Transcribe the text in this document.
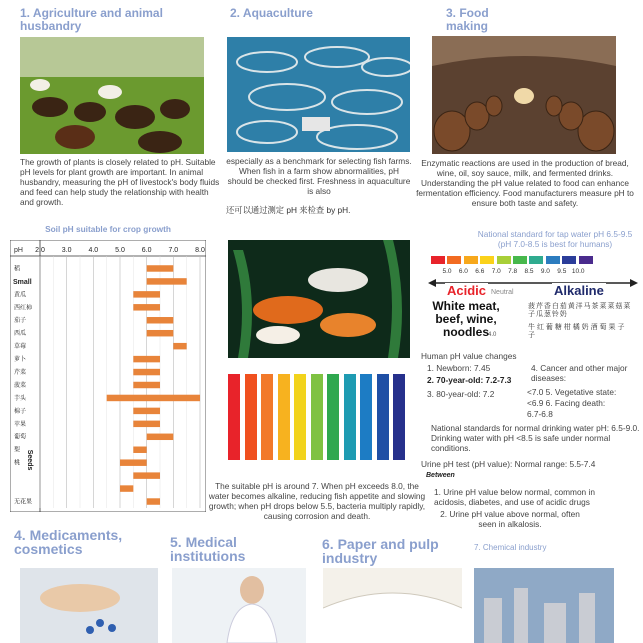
1. Agriculture and animal husbandry
The growth of plants is closely related to pH. Suitable pH levels for plant growth are important. In animal husbandry, measuring the pH of livestock's body fluids and feed can help study the relationship with health and growth.
2. Aquaculture
especially as a benchmark for selecting fish farms. When fish in a farm show abnormalities, pH should be checked first. Freshness in aquaculture is also
还可以通过测定 pH 来检查 by pH.
3. Food making
Enzymatic reactions are used in the production of bread, wine, oil, soy sauce, milk, and fermented drinks. Understanding the pH value related to food can enhance fermentation efficiency. Food manufacturers measure pH to ensure both taste and safety.
Soil pH suitable for crop growth
pH 2.0 3.0 4.0 5.0 6.0 7.0 8.0
稻
黄瓜
西红柿
茄子
西瓜
草莓
萝卜
芹菜
菠菜
芋头
棉子
苹果
葡萄
梨
桃
无花果
Small
Seeds
The suitable pH is around 7. When pH exceeds 8.0, the water becomes alkaline, reducing fish appetite and slowing growth; when pH drops below 5.5, bacteria multiply rapidly, causing corrosion and death.
National standard for tap water pH 6.5-9.5 (pH 7.0-8.5 is best for humans)
5.0	6.0	6.6	7.0	7.8	8.5	9.0	9.5 10.0
Acidic Neutral	Alkaline
White meat, beef, wine, noodles 4.0
菠 芹 香 白 茄 黄 洋 马 茶 菜 菜 菇 菜 子 瓜 葱 铃 奶
牛 红 葡 糖 柑 橘 奶 酒 萄 果 子 子
Human pH value changes
1. Newborn: 7.45
2. 70-year-old: 7.2-7.3
3. 80-year-old: 7.2
4. Cancer and other major diseases:
<7.0 5. Vegetative state:
<6.9 6. Facing death:
6.7-6.8
National standards for normal drinking water pH: 6.5-9.0. Drinking water with pH <8.5 is safe under normal conditions.
Urine pH test (pH value): Normal range: 5.5-7.4
Between
1. Urine pH value below normal, common in acidosis, diabetes, and use of acidic drugs
2. Urine pH value above normal, often seen in alkalosis.
4. Medicaments, cosmetics	5. Medical institutions
6. Paper and pulp industry
7. Chemical industry
